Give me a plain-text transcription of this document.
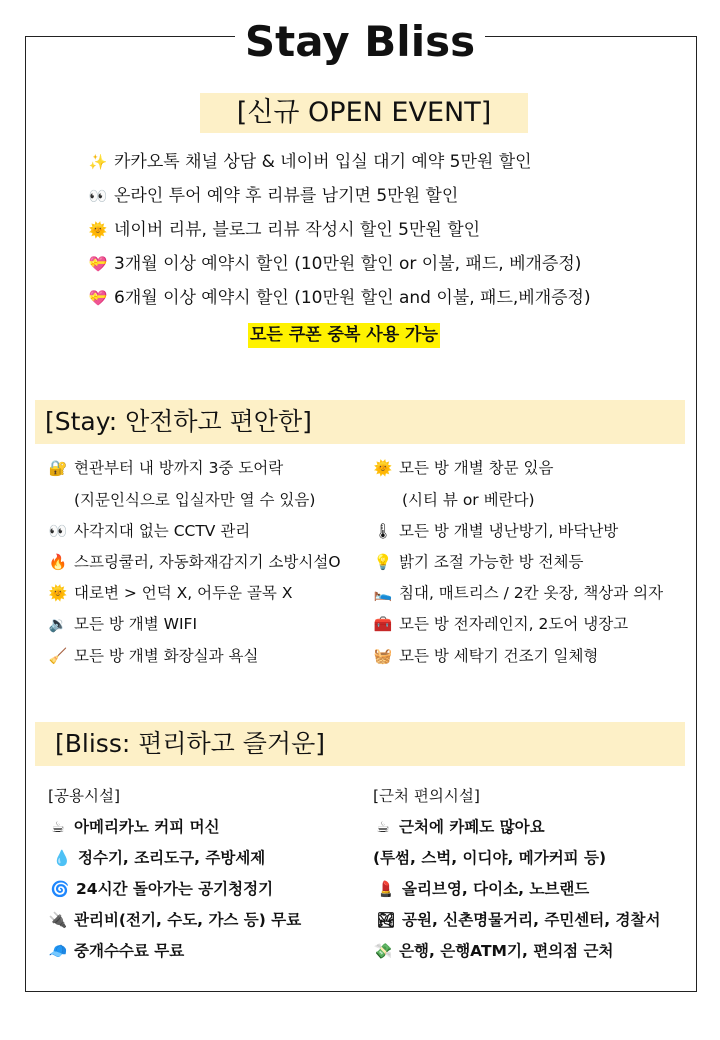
Stay Bliss
[신규 OPEN EVENT]
✨ 카카오톡 채널 상담 & 네이버 입실 대기 예약 5만원 할인
👀 온라인 투어 예약 후 리뷰를 남기면 5만원 할인
🌞 네이버 리뷰, 블로그 리뷰 작성시 할인 5만원 할인
💝 3개월 이상 예약시 할인 (10만원 할인 or 이불, 패드, 베개증정)
💝 6개월 이상 예약시 할인 (10만원 할인 and 이불, 패드,베개증정)
모든 쿠폰 중복 사용 가능
[Stay: 안전하고 편안한]
🔐 현관부터 내 방까지 3중 도어락
(지문인식으로 입실자만 열 수 있음)
👀 사각지대 없는 CCTV 관리
🔥 스프링쿨러, 자동화재감지기 소방시설O
🌞 대로변 > 언덕 X, 어두운 골목 X
🔉 모든 방 개별 WIFI
🧹 모든 방 개별 화장실과 욕실
🌞 모든 방 개별 창문 있음
(시티 뷰 or 베란다)
🌡 모든 방 개별 냉난방기, 바닥난방
💡 밝기 조절 가능한 방 전체등
🛌 침대, 매트리스 / 2칸 옷장, 책상과 의자
🧰 모든 방 전자레인지, 2도어 냉장고
🧺 모든 방 세탁기 건조기 일체형
[Bliss: 편리하고 즐거운]
[공용시설]
☕ 아메리카노 커피 머신
💧 정수기, 조리도구, 주방세제
🌀 24시간 돌아가는 공기청정기
🔌 관리비(전기, 수도, 가스 등) 무료
🧢 중개수수료 무료
[근처 편의시설]
☕ 근처에 카페도 많아요
(투썸, 스벅, 이디야, 메가커피 등)
💄 올리브영, 다이소, 노브랜드
🏞 공원, 신촌명물거리, 주민센터, 경찰서
💸 은행, 은행ATM기, 편의점 근처
